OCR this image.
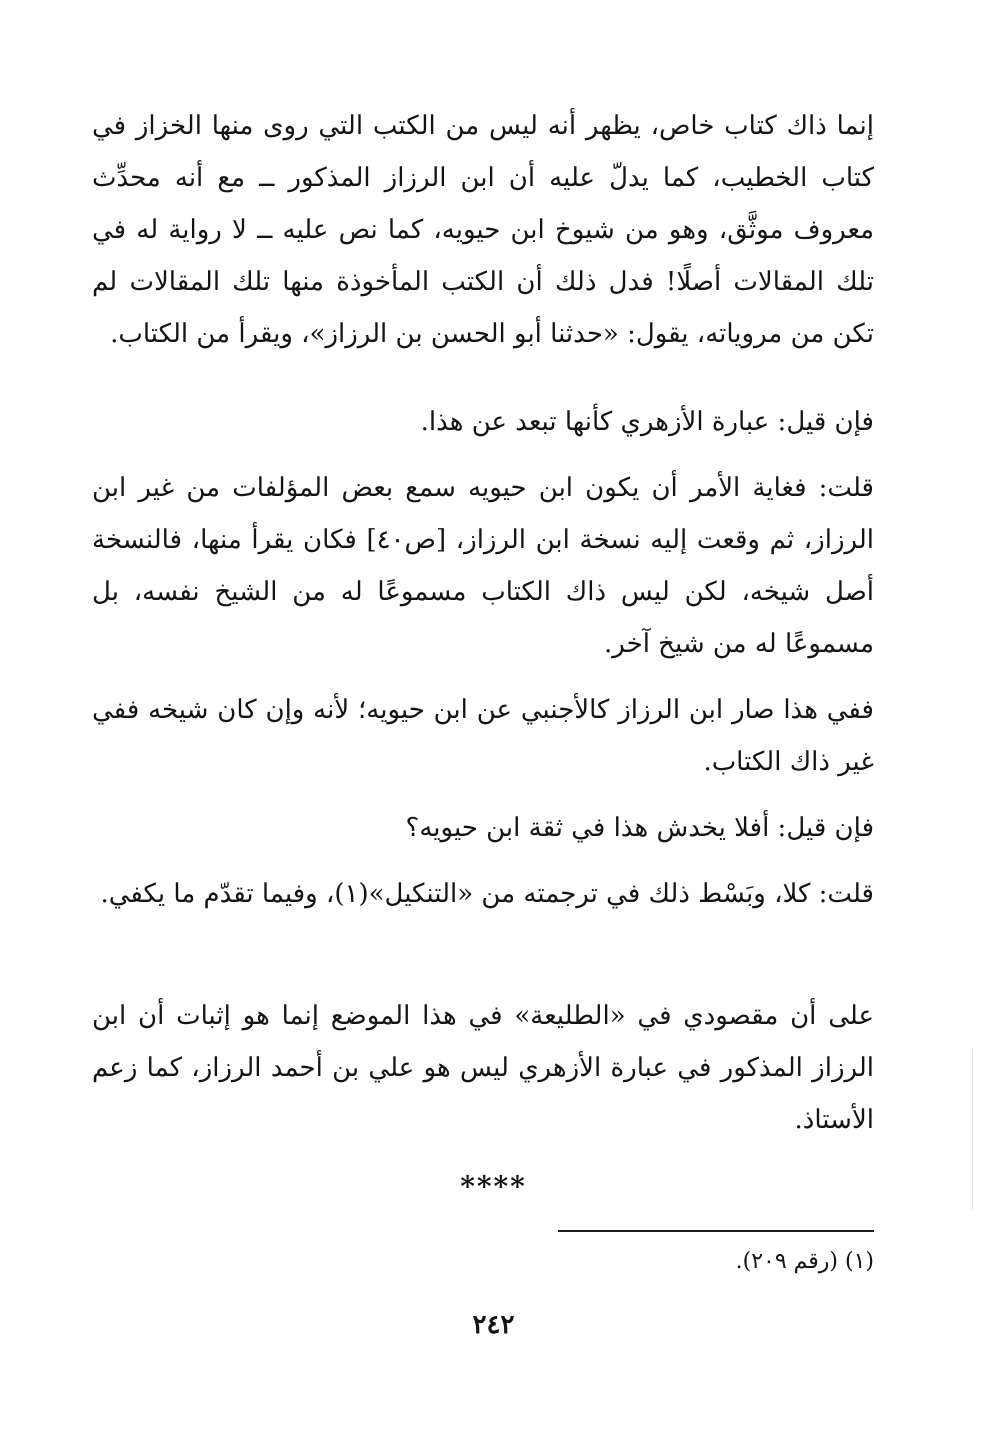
إنما ذاك كتاب خاص، يظهر أنه ليس من الكتب التي روى منها الخزاز في كتاب الخطيب، كما يدلّ عليه أن ابن الرزاز المذكور ــ مع أنه محدِّث معروف موثَّق، وهو من شيوخ ابن حيويه، كما نص عليه ــ لا رواية له في تلك المقالات أصلًا! فدل ذلك أن الكتب المأخوذة منها تلك المقالات لم تكن من مروياته، يقول: «حدثنا أبو الحسن بن الرزاز»، ويقرأ من الكتاب.

فإن قيل: عبارة الأزهري كأنها تبعد عن هذا.

قلت: فغاية الأمر أن يكون ابن حيويه سمع بعض المؤلفات من غير ابن الرزاز، ثم وقعت إليه نسخة ابن الرزاز، [ص٤٠] فكان يقرأ منها، فالنسخة أصل شيخه، لكن ليس ذاك الكتاب مسموعًا له من الشيخ نفسه، بل مسموعًا له من شيخ آخر.

ففي هذا صار ابن الرزاز كالأجنبي عن ابن حيويه؛ لأنه وإن كان شيخه ففي غير ذاك الكتاب.

فإن قيل: أفلا يخدش هذا في ثقة ابن حيويه؟

قلت: كلا، وبَسْط ذلك في ترجمته من «التنكيل»(١)، وفيما تقدّم ما يكفي.

على أن مقصودي في «الطليعة» في هذا الموضع إنما هو إثبات أن ابن الرزاز المذكور في عبارة الأزهري ليس هو علي بن أحمد الرزاز، كما زعم الأستاذ.

****
(١) (رقم ٢٠٩).
٢٤٢
